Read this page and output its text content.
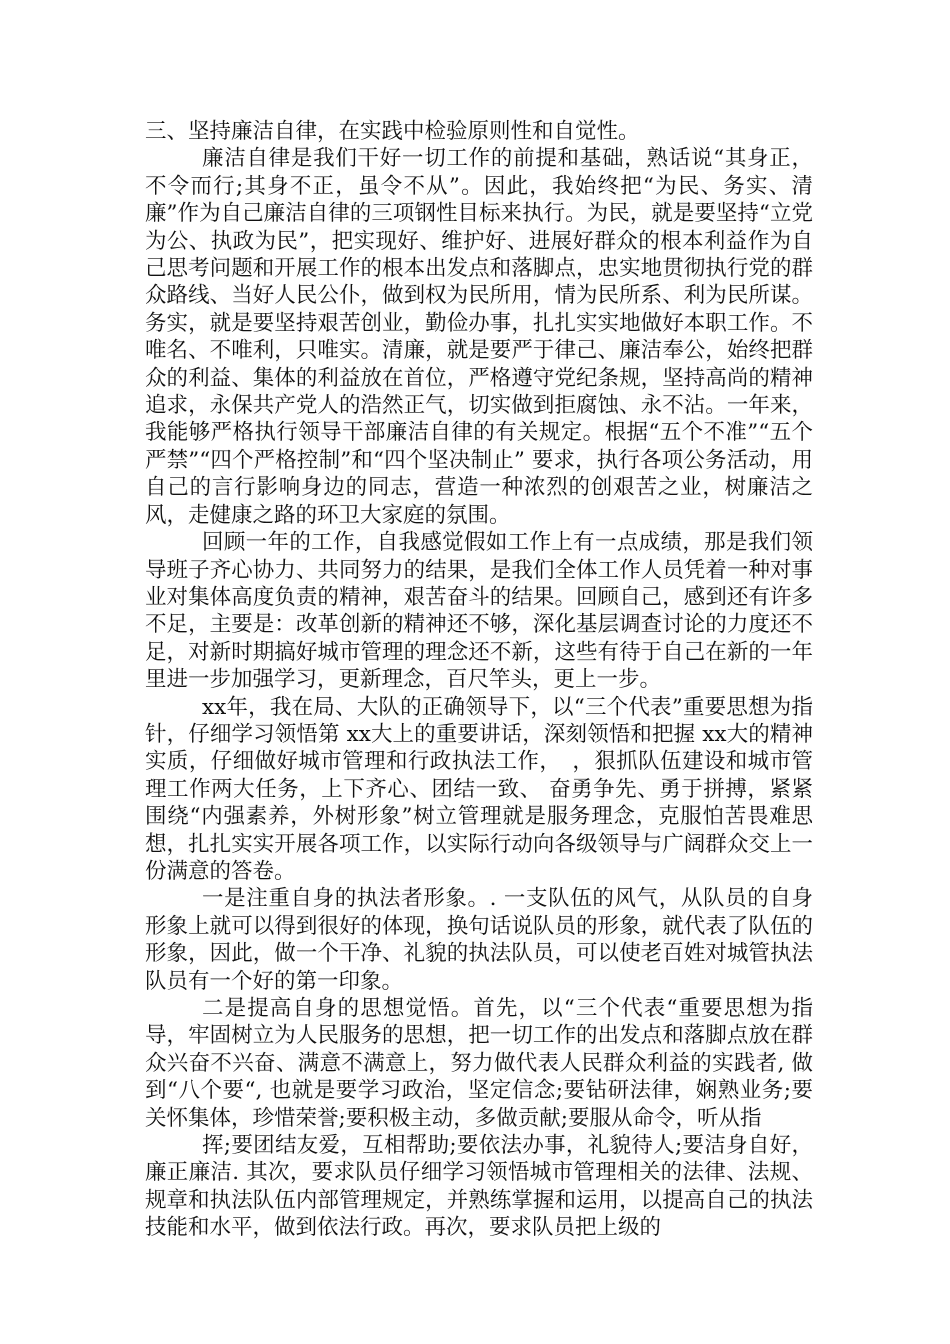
三、坚持廉洁自律，在实践中检验原则性和自觉性。

廉洁自律是我们干好一切工作的前提和基础，熟话说“其身正，不令而行;其身不正，虽令不从”。因此，我始终把“为民、务实、清廉”作为自己廉洁自律的三项钢性目标来执行。为民，就是要坚持“立党为公、执政为民”，把实现好、维护好、进展好群众的根本利益作为自己思考问题和开展工作的根本出发点和落脚点，忠实地贯彻执行党的群众路线、当好人民公仆，做到权为民所用，情为民所系、利为民所谋。务实，就是要坚持艰苦创业，勤俭办事，扎扎实实地做好本职工作。不唯名、不唯利，只唯实。清廉，就是要严于律己、廉洁奉公，始终把群众的利益、集体的利益放在首位，严格遵守党纪条规，坚持高尚的精神追求，永保共产党人的浩然正气，切实做到拒腐蚀、永不沾。一年来，我能够严格执行领导干部廉洁自律的有关规定。根据“五个不准”“五个严禁”“四个严格控制”和“四个坚决制止” 要求，执行各项公务活动，用自己的言行影响身边的同志，营造一种浓烈的创艰苦之业，树廉洁之风，走健康之路的环卫大家庭的氛围。

回顾一年的工作，自我感觉假如工作上有一点成绩，那是我们领导班子齐心协力、共同努力的结果，是我们全体工作人员凭着一种对事业对集体高度负责的精神，艰苦奋斗的结果。回顾自己，感到还有许多不足，主要是：改革创新的精神还不够，深化基层调查讨论的力度还不足，对新时期搞好城市管理的理念还不新，这些有待于自己在新的一年里进一步加强学习，更新理念，百尺竿头，更上一步。

xx年，我在局、大队的正确领导下，以“三个代表”重要思想为指针，仔细学习领悟第 xx大上的重要讲话，深刻领悟和把握 xx大的精神实质，仔细做好城市管理和行政执法工作，　，狠抓队伍建设和城市管理工作两大任务，上下齐心、团结一致、 奋勇争先、勇于拼搏，紧紧围绕“内强素养，外树形象”树立管理就是服务理念，克服怕苦畏难思想，扎扎实实开展各项工作，以实际行动向各级领导与广阔群众交上一份满意的答卷。

一是注重自身的执法者形象。. 一支队伍的风气，从队员的自身形象上就可以得到很好的体现，换句话说队员的形象，就代表了队伍的形象，因此，做一个干净、礼貌的执法队员，可以使老百姓对城管执法队员有一个好的第一印象。

二是提高自身的思想觉悟。首先，以“三个代表“重要思想为指导，牢固树立为人民服务的思想，把一切工作的出发点和落脚点放在群众兴奋不兴奋、满意不满意上，努力做代表人民群众利益的实践者, 做到“八个要“, 也就是要学习政治，坚定信念;要钻研法律，娴熟业务;要关怀集体，珍惜荣誉;要积极主动，多做贡献;要服从命令，听从指

挥;要团结友爱，互相帮助;要依法办事，礼貌待人;要洁身自好，廉正廉洁. 其次，要求队员仔细学习领悟城市管理相关的法律、法规、规章和执法队伍内部管理规定，并熟练掌握和运用，以提高自己的执法技能和水平，做到依法行政。再次，要求队员把上级的
